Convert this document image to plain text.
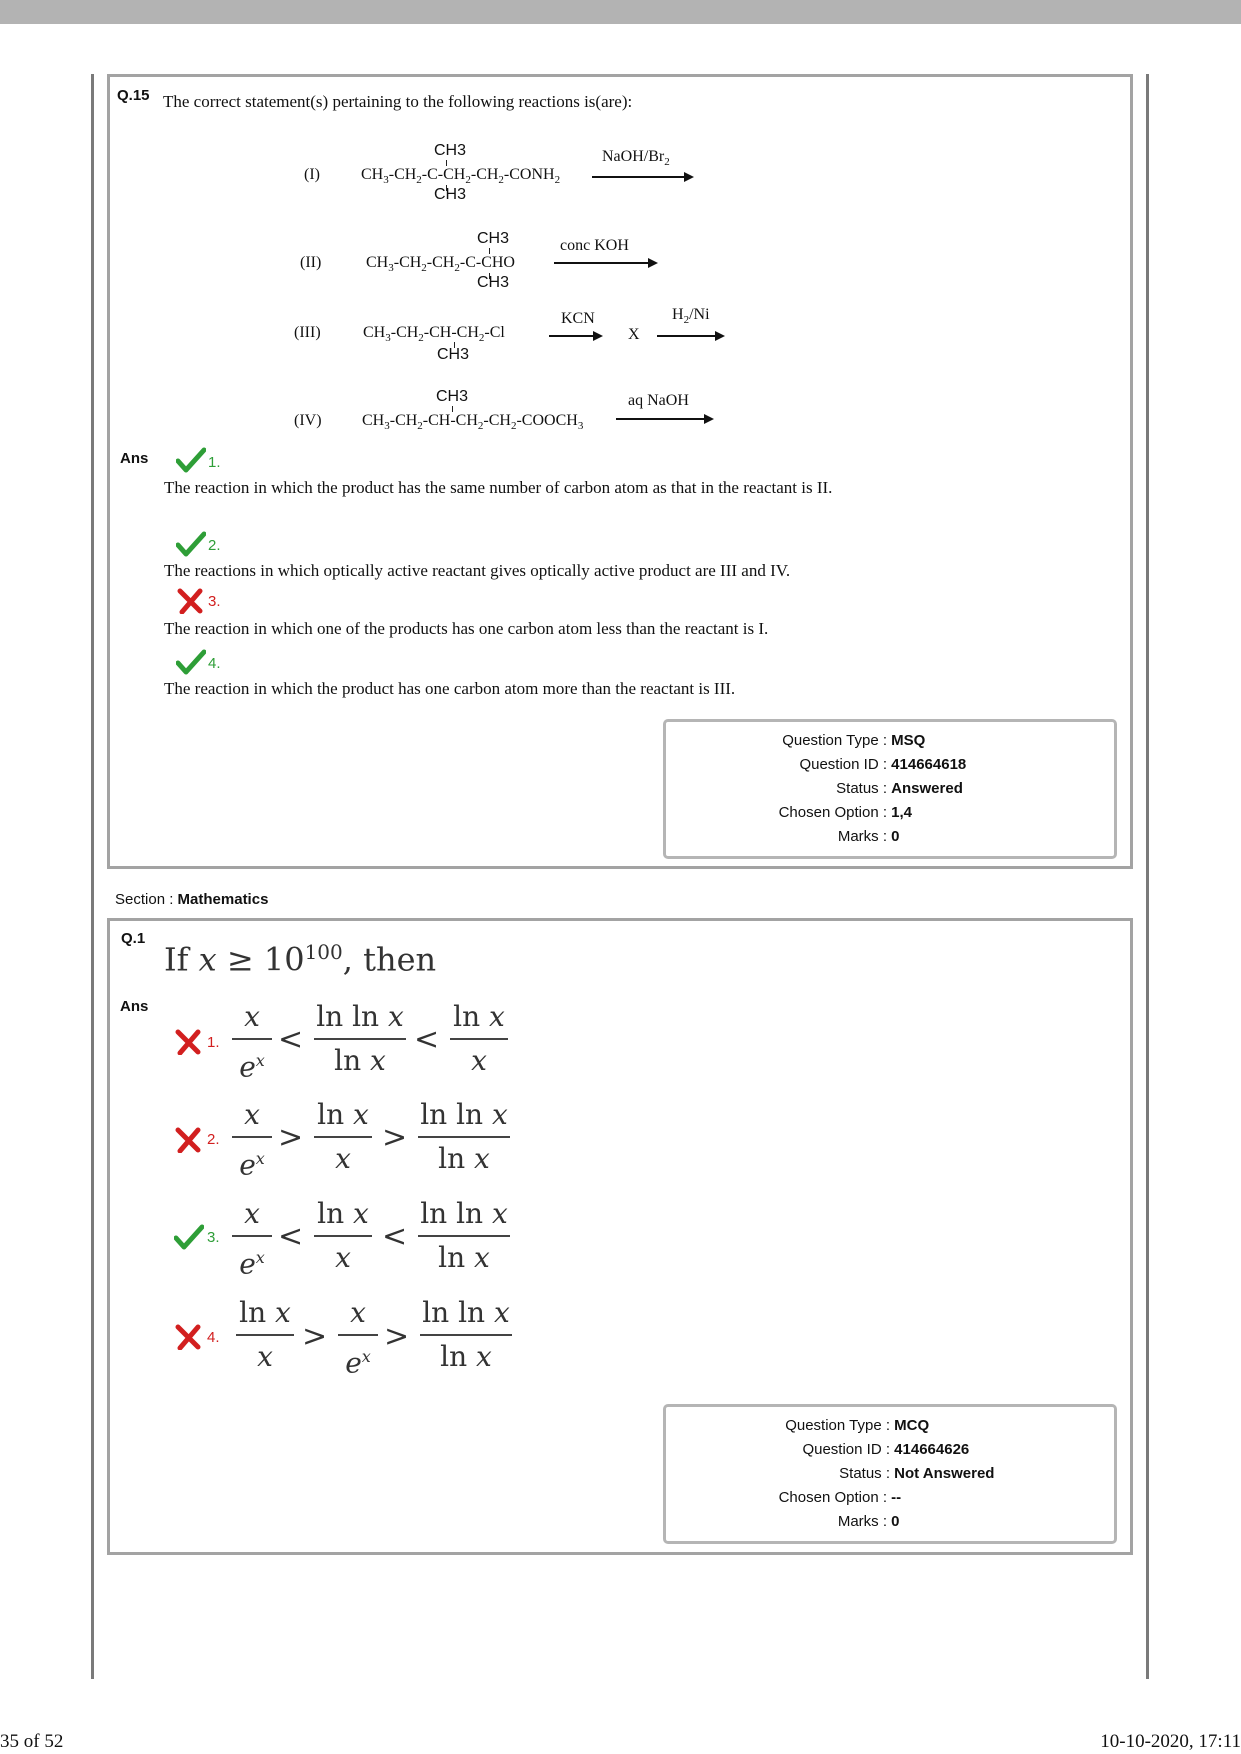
Q.15 The correct statement(s) pertaining to the following reactions is(are):
(I)
CH3
$CH_3-CH_2-C-CH_2-CH_2-CONH_2$
CH3
NaOH/$Br_2$
(II)
CH3
$CH_3-CH_2-CH_2-C$-CHO
CH3
conc KOH
(III)	$CH_3-CH_2-CH-CH_2-Cl$
CH3
KCN
X
$H_2/Ni$
(IV)
CH3
$CH_3-CH_2-CH-CH_2-CH_2-COOCH_3$
aq NaOH
Ans	1.
The reaction in which the product has the same number of carbon atom as that in the reactant is II.
2.
The reactions in which optically active reactant gives optically active product are III and IV.
3.
The reaction in which one of the products has one carbon atom less than the reactant is I.
4.
The reaction in which the product has one carbon atom more than the reactant is III.
Question Type : MSQ
Question ID : 414664618
Status : Answered
Chosen Option : 1,4
Marks : 0
Section : Mathematics
Q.1
If $x \ge 10^{100}$, then
Ans
1.
x
$e^x$
<
ln ln x
ln x
<
ln x
x
2.
x
$e^x$
>
ln x
x
>
ln ln x
ln x
3.
x
$e^x$
<
ln x
x
<
ln ln x
ln x
4.
ln x
x
>
x
$e^x$
>
ln ln x
ln x
Question Type : MCQ
Question ID : 414664626
Status : Not Answered
Chosen Option : --
Marks : 0
35 of 52	10-10-2020, 17:11
